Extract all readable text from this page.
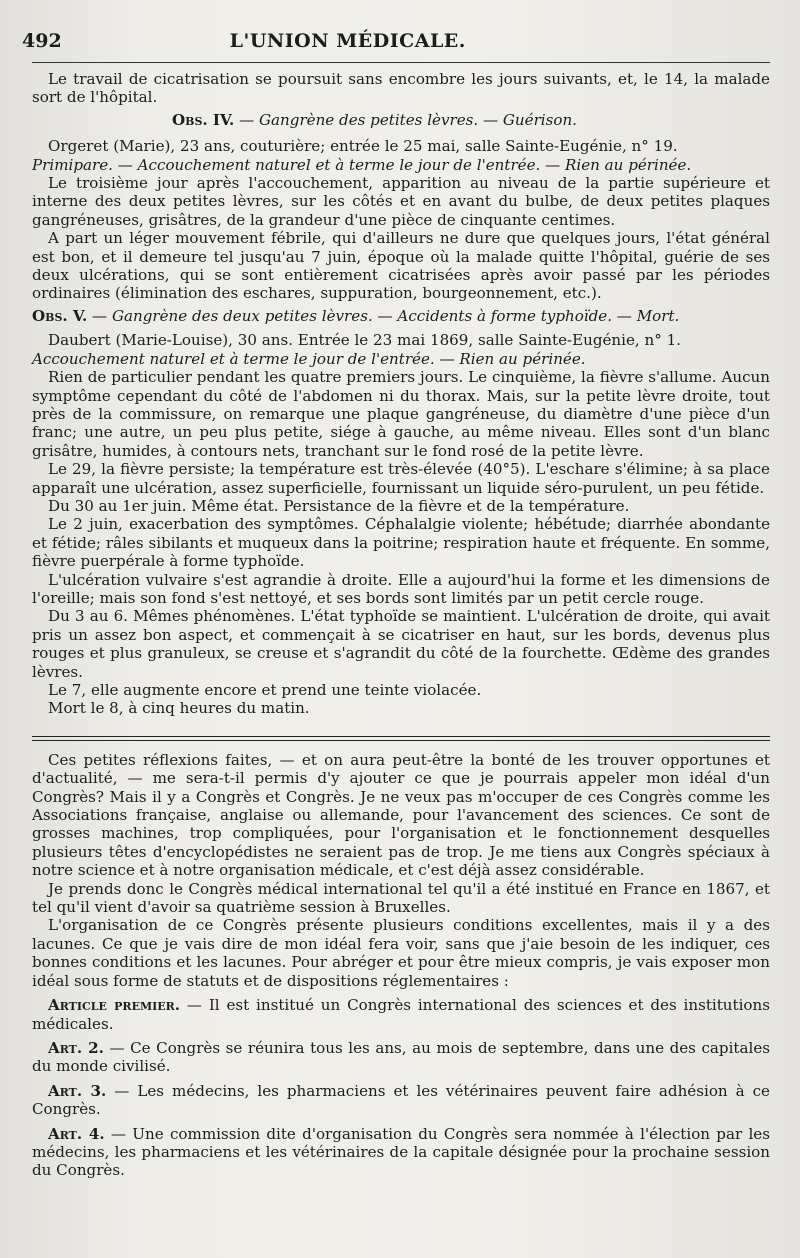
492	L'UNION MÉDICALE.

Le travail de cicatrisation se poursuit sans encombre les jours suivants, et, le 14, la malade sort de l'hôpital.

Obs. IV. — Gangrène des petites lèvres. — Guérison.

Orgeret (Marie), 23 ans, couturière; entrée le 25 mai, salle Sainte-Eugénie, n° 19.

Primipare. — Accouchement naturel et à terme le jour de l'entrée. — Rien au périnée.

Le troisième jour après l'accouchement, apparition au niveau de la partie supérieure et interne des deux petites lèvres, sur les côtés et en avant du bulbe, de deux petites plaques gangréneuses, grisâtres, de la grandeur d'une pièce de cinquante centimes.

A part un léger mouvement fébrile, qui d'ailleurs ne dure que quelques jours, l'état général est bon, et il demeure tel jusqu'au 7 juin, époque où la malade quitte l'hôpital, guérie de ses deux ulcérations, qui se sont entièrement cicatrisées après avoir passé par les périodes ordinaires (élimination des eschares, suppuration, bourgeonnement, etc.).

Obs. V. — Gangrène des deux petites lèvres. — Accidents à forme typhoïde. — Mort.

Daubert (Marie-Louise), 30 ans. Entrée le 23 mai 1869, salle Sainte-Eugénie, n° 1.

Accouchement naturel et à terme le jour de l'entrée. — Rien au périnée.

Rien de particulier pendant les quatre premiers jours. Le cinquième, la fièvre s'allume. Aucun symptôme cependant du côté de l'abdomen ni du thorax. Mais, sur la petite lèvre droite, tout près de la commissure, on remarque une plaque gangréneuse, du diamètre d'une pièce d'un franc; une autre, un peu plus petite, siége à gauche, au même niveau. Elles sont d'un blanc grisâtre, humides, à contours nets, tranchant sur le fond rosé de la petite lèvre.

Le 29, la fièvre persiste; la température est très-élevée (40°5). L'eschare s'élimine; à sa place apparaît une ulcération, assez superficielle, fournissant un liquide séro-purulent, un peu fétide.

Du 30 au 1er juin. Même état. Persistance de la fièvre et de la température.

Le 2 juin, exacerbation des symptômes. Céphalalgie violente; hébétude; diarrhée abondante et fétide; râles sibilants et muqueux dans la poitrine; respiration haute et fréquente. En somme, fièvre puerpérale à forme typhoïde.

L'ulcération vulvaire s'est agrandie à droite. Elle a aujourd'hui la forme et les dimensions de l'oreille; mais son fond s'est nettoyé, et ses bords sont limités par un petit cercle rouge.

Du 3 au 6. Mêmes phénomènes. L'état typhoïde se maintient. L'ulcération de droite, qui avait pris un assez bon aspect, et commençait à se cicatriser en haut, sur les bords, devenus plus rouges et plus granuleux, se creuse et s'agrandit du côté de la fourchette. Œdème des grandes lèvres.

Le 7, elle augmente encore et prend une teinte violacée.

Mort le 8, à cinq heures du matin.

Ces petites réflexions faites, — et on aura peut-être la bonté de les trouver opportunes et d'actualité, — me sera-t-il permis d'y ajouter ce que je pourrais appeler mon idéal d'un Congrès? Mais il y a Congrès et Congrès. Je ne veux pas m'occuper de ces Congrès comme les Associations française, anglaise ou allemande, pour l'avancement des sciences. Ce sont de grosses machines, trop compliquées, pour l'organisation et le fonctionnement desquelles plusieurs têtes d'encyclopédistes ne seraient pas de trop. Je me tiens aux Congrès spéciaux à notre science et à notre organisation médicale, et c'est déjà assez considérable.

Je prends donc le Congrès médical international tel qu'il a été institué en France en 1867, et tel qu'il vient d'avoir sa quatrième session à Bruxelles.

L'organisation de ce Congrès présente plusieurs conditions excellentes, mais il y a des lacunes. Ce que je vais dire de mon idéal fera voir, sans que j'aie besoin de les indiquer, ces bonnes conditions et les lacunes. Pour abréger et pour être mieux compris, je vais exposer mon idéal sous forme de statuts et de dispositions réglementaires :

Article premier. — Il est institué un Congrès international des sciences et des institutions médicales.

Art. 2. — Ce Congrès se réunira tous les ans, au mois de septembre, dans une des capitales du monde civilisé.

Art. 3. — Les médecins, les pharmaciens et les vétérinaires peuvent faire adhésion à ce Congrès.

Art. 4. — Une commission dite d'organisation du Congrès sera nommée à l'élection par les médecins, les pharmaciens et les vétérinaires de la capitale désignée pour la prochaine session du Congrès.
